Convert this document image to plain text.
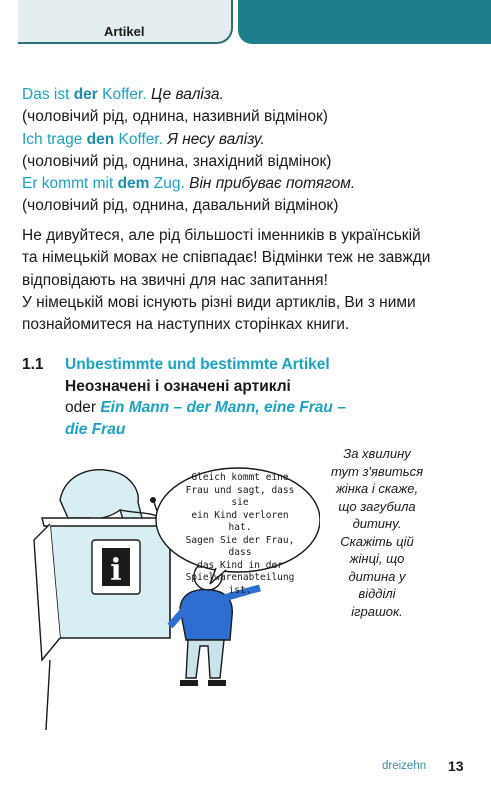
Artikel
Das ist der Koffer. Це валіза.
(чоловічий рід, однина, називний відмінок)
Ich trage den Koffer. Я несу валізу.
(чоловічий рід, однина, знахідний відмінок)
Er kommt mit dem Zug. Він прибуває потягом.
(чоловічий рід, однина, давальний відмінок)
Не дивуйтеся, але рід більшості іменників в українській
та німецькій мовах не співпадає! Відмінки теж не завжди
відповідають на звичні для нас запитання!
У німецькій мові існують різні види артиклів, Ви з ними
познайомитеся на наступних сторінках книги.
1.1 Unbestimmte und bestimmte Artikel
Неозначені і означені артиклі
oder Ein Mann – der Mann, eine Frau –
die Frau
i
Gleich kommt eine
Frau und sagt, dass sie
ein Kind verloren hat.
Sagen Sie der Frau, dass
das Kind in der
Spielwarenabteilung
ist.
За хвилину
тут з'явиться
жінка і скаже,
що загубила
дитину.
Скажіть цій
жінці, що
дитина у
відділі
іграшок.
dreizehn 13
